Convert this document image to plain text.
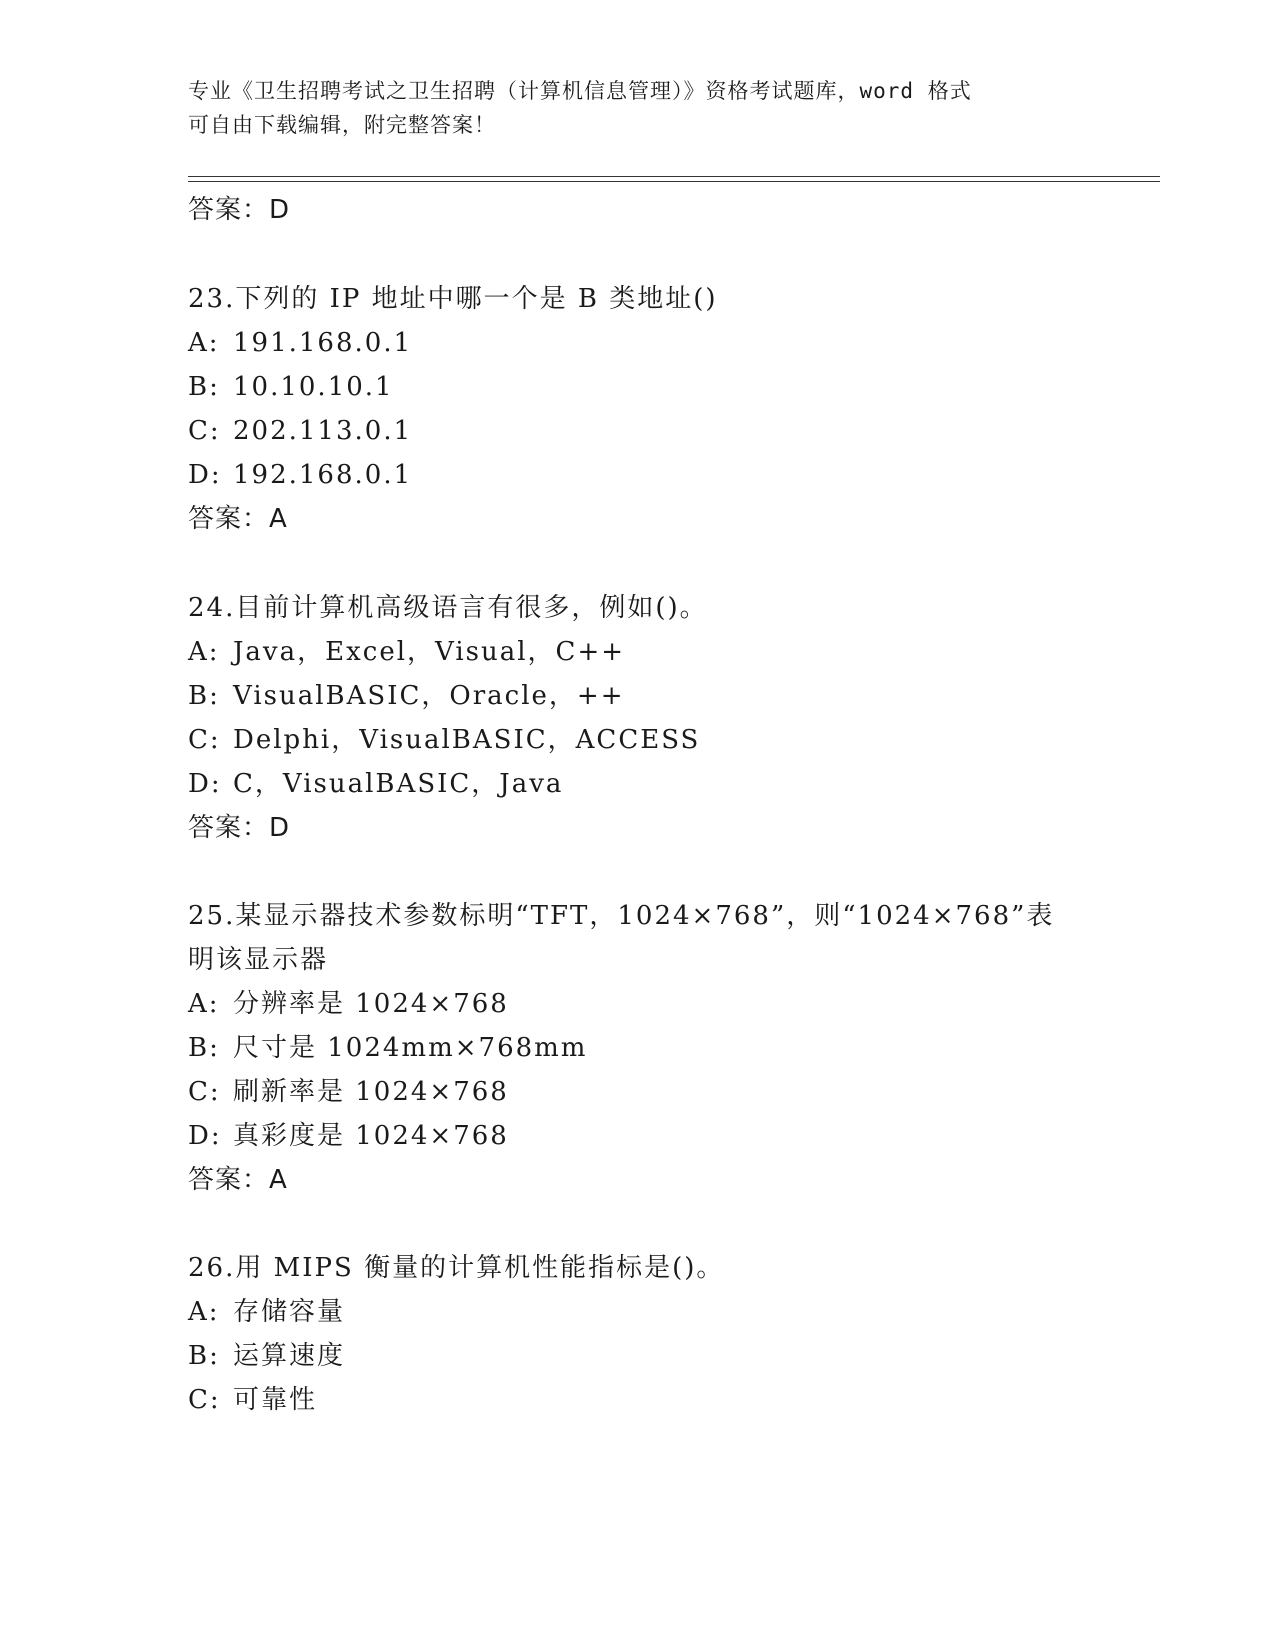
专业《卫生招聘考试之卫生招聘（计算机信息管理）》资格考试题库，word 格式
可自由下载编辑，附完整答案！
答案：D
23.下列的 IP 地址中哪一个是 B 类地址()
A: 191.168.0.1
B: 10.10.10.1
C: 202.113.0.1
D: 192.168.0.1
答案：A
24.目前计算机高级语言有很多，例如()。
A: Java，Excel，Visual，C++
B: VisualBASIC，Oracle，++
C: Delphi，VisualBASIC，ACCESS
D: C，VisualBASIC，Java
答案：D
25.某显示器技术参数标明“TFT，1024×768”，则“1024×768”表
明该显示器
A: 分辨率是 1024×768
B: 尺寸是 1024mm×768mm
C: 刷新率是 1024×768
D: 真彩度是 1024×768
答案：A
26.用 MIPS 衡量的计算机性能指标是()。
A: 存储容量
B: 运算速度
C: 可靠性
